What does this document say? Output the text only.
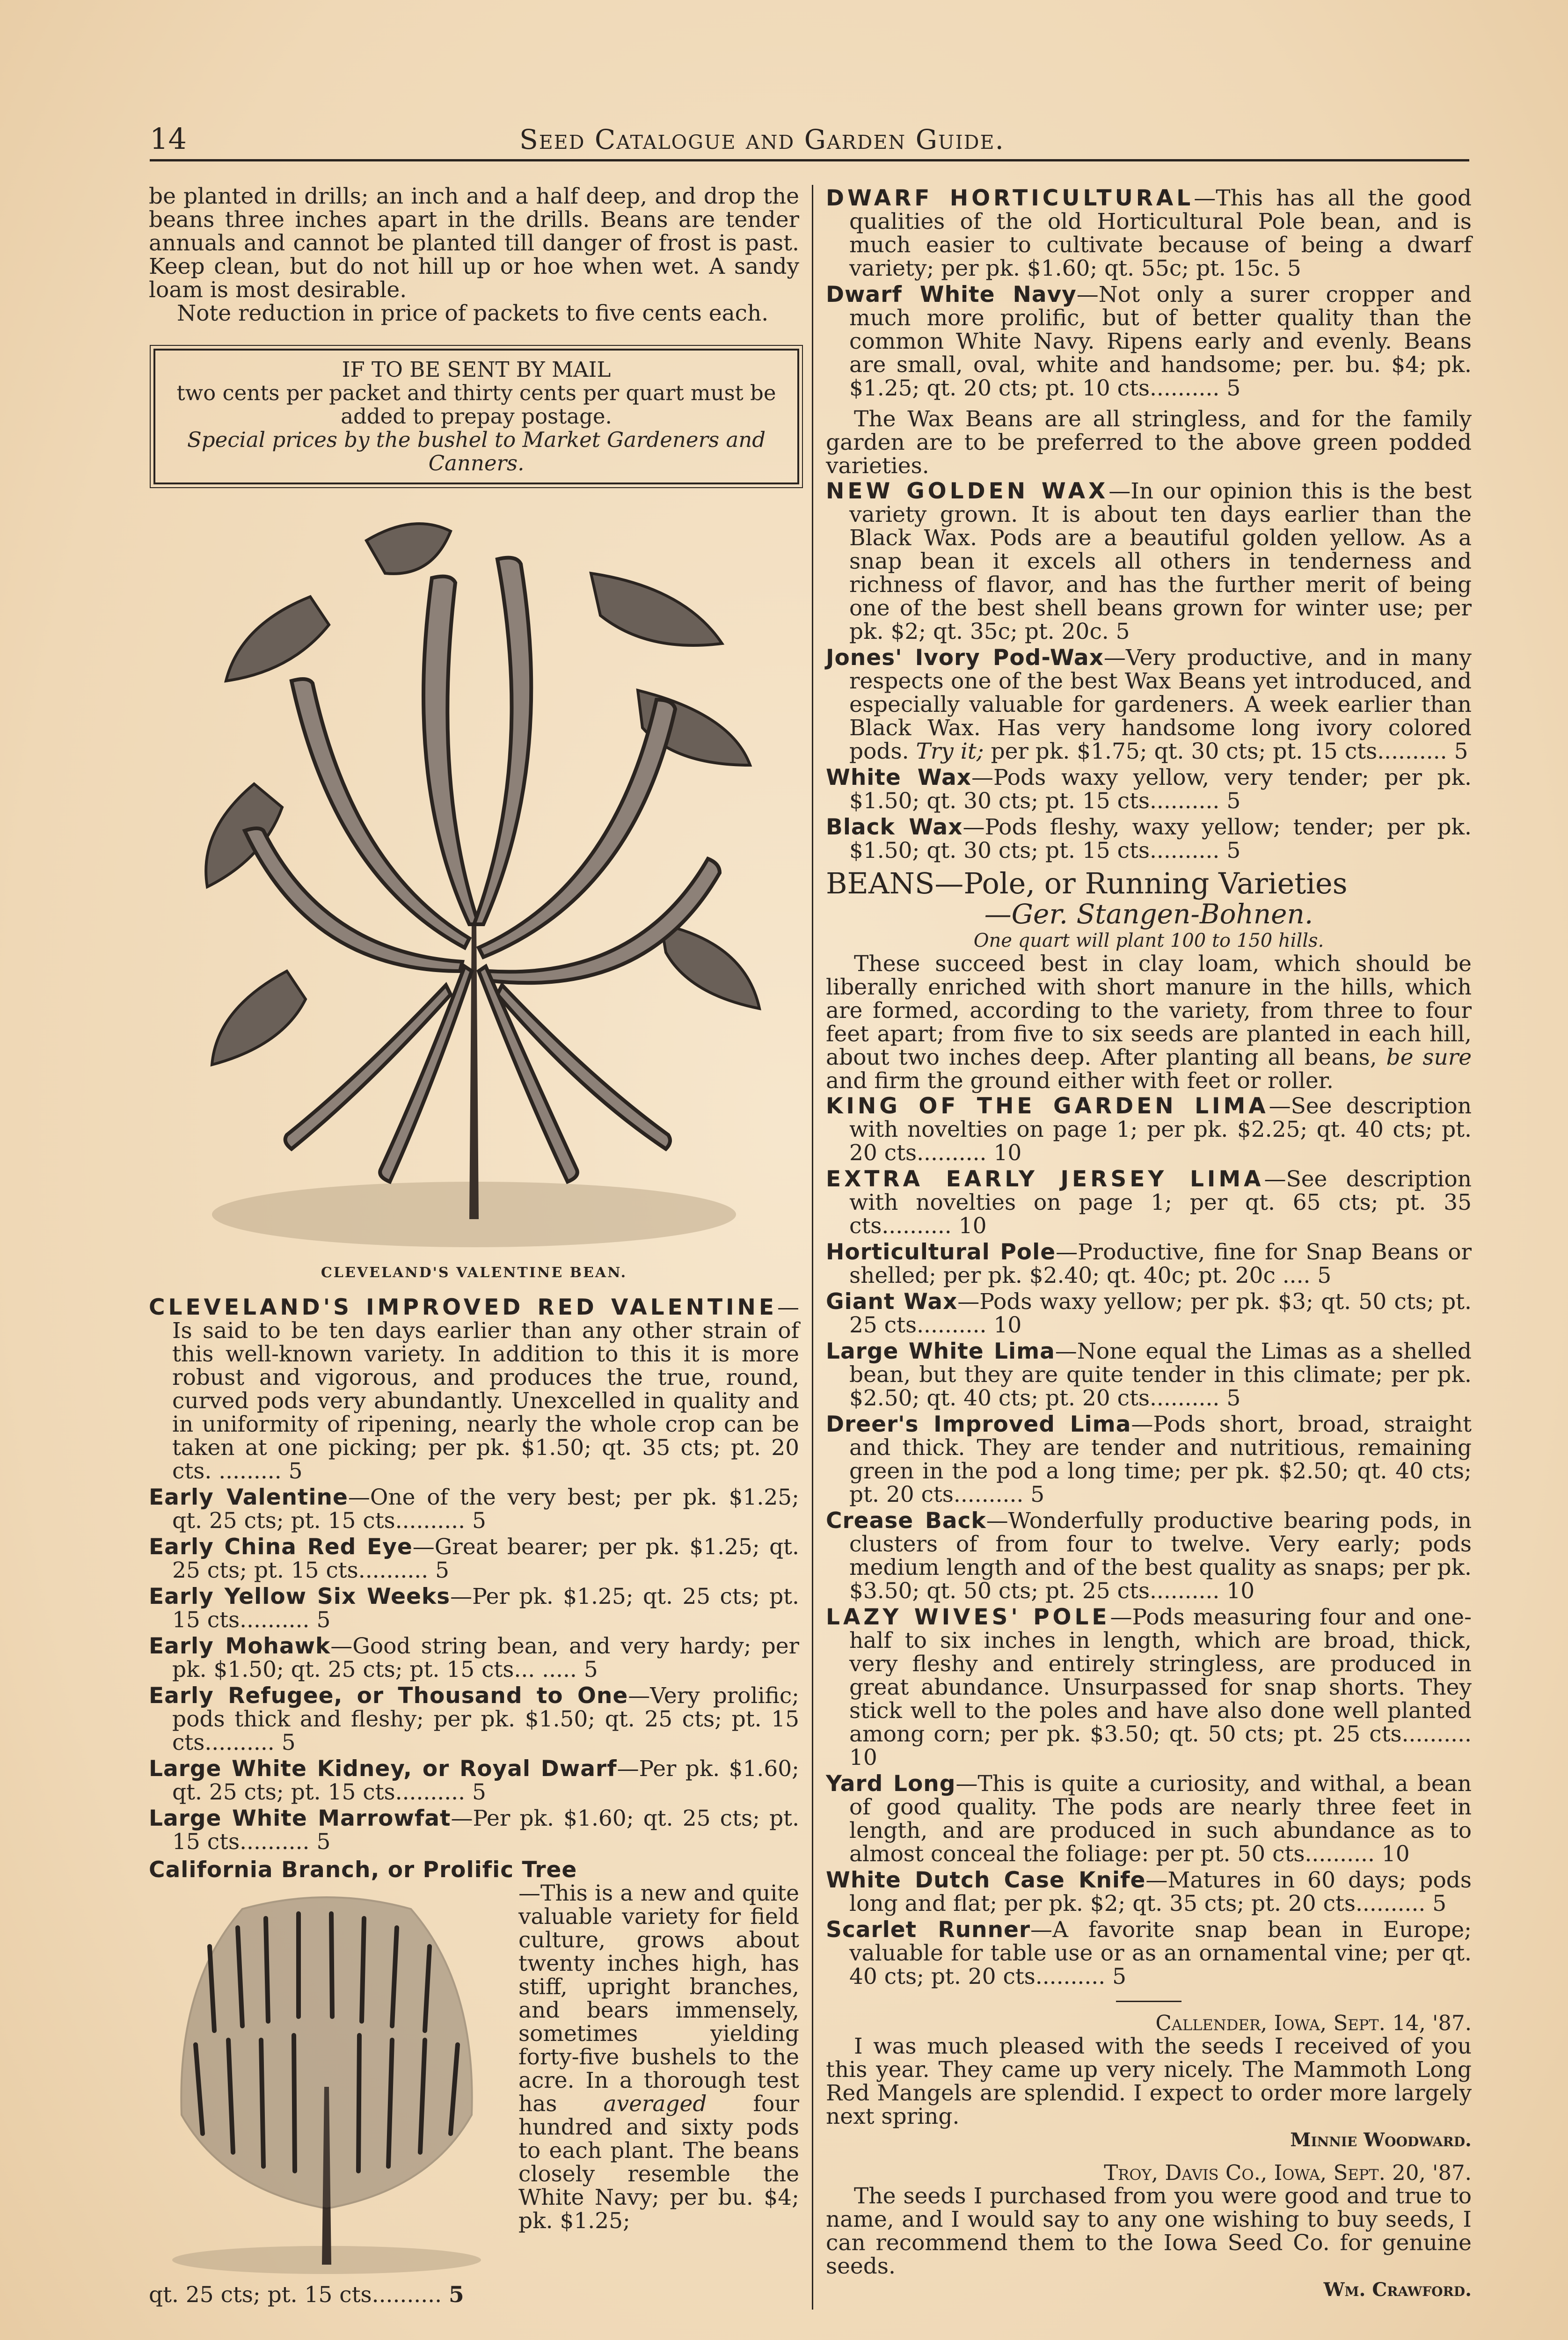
14	Seed Catalogue and Garden Guide.

be planted in drills; an inch and a half deep, and drop the beans three inches apart in the drills. Beans are tender annuals and cannot be planted till danger of frost is past. Keep clean, but do not hill up or hoe when wet. A sandy loam is most desirable.

Note reduction in price of packets to five cents each.

IF TO BE SENT BY MAIL
two cents per packet and thirty cents per quart must be added to prepay postage.
Special prices by the bushel to Market Gardeners and Canners.
CLEVELAND'S VALENTINE BEAN.

CLEVELAND'S IMPROVED RED VALENTINE—Is said to be ten days earlier than any other strain of this well-known variety. In addition to this it is more robust and vigorous, and produces the true, round, curved pods very abundantly. Unexcelled in quality and in uniformity of ripening, nearly the whole crop can be taken at one picking; per pk. $1.50; qt. 35 cts; pt. 20 cts. ......... 5

Early Valentine—One of the very best; per pk. $1.25; qt. 25 cts; pt. 15 cts.......... 5

Early China Red Eye—Great bearer; per pk. $1.25; qt. 25 cts; pt. 15 cts.......... 5

Early Yellow Six Weeks—Per pk. $1.25; qt. 25 cts; pt. 15 cts.......... 5

Early Mohawk—Good string bean, and very hardy; per pk. $1.50; qt. 25 cts; pt. 15 cts... ..... 5

Early Refugee, or Thousand to One—Very prolific; pods thick and fleshy; per pk. $1.50; qt. 25 cts; pt. 15 cts.......... 5

Large White Kidney, or Royal Dwarf—Per pk. $1.60; qt. 25 cts; pt. 15 cts.......... 5

Large White Marrowfat—Per pk. $1.60; qt. 25 cts; pt. 15 cts.......... 5

California Branch, or Prolific Tree

—This is a new and quite valuable variety for field culture, grows about twenty inches high, has stiff, upright branches, and bears immensely, sometimes yielding forty-five bushels to the acre. In a thorough test has averaged four hundred and sixty pods to each plant. The beans closely resemble the White Navy; per bu. $4; pk. $1.25;

qt. 25 cts; pt. 15 cts.......... 5

DWARF HORTICULTURAL—This has all the good qualities of the old Horticultural Pole bean, and is much easier to cultivate because of being a dwarf variety; per pk. $1.60; qt. 55c; pt. 15c. 5

Dwarf White Navy—Not only a surer cropper and much more prolific, but of better quality than the common White Navy. Ripens early and evenly. Beans are small, oval, white and handsome; per. bu. $4; pk. $1.25; qt. 20 cts; pt. 10 cts.......... 5

The Wax Beans are all stringless, and for the family garden are to be preferred to the above green podded varieties.

NEW GOLDEN WAX—In our opinion this is the best variety grown. It is about ten days earlier than the Black Wax. Pods are a beautiful golden yellow. As a snap bean it excels all others in tenderness and richness of flavor, and has the further merit of being one of the best shell beans grown for winter use; per pk. $2; qt. 35c; pt. 20c. 5

Jones' Ivory Pod-Wax—Very productive, and in many respects one of the best Wax Beans yet introduced, and especially valuable for gardeners. A week earlier than Black Wax. Has very handsome long ivory colored pods. Try it; per pk. $1.75; qt. 30 cts; pt. 15 cts.......... 5

White Wax—Pods waxy yellow, very tender; per pk. $1.50; qt. 30 cts; pt. 15 cts.......... 5

Black Wax—Pods fleshy, waxy yellow; tender; per pk. $1.50; qt. 30 cts; pt. 15 cts.......... 5

BEANS—Pole, or Running Varieties

—Ger. Stangen-Bohnen.

One quart will plant 100 to 150 hills.

These succeed best in clay loam, which should be liberally enriched with short manure in the hills, which are formed, according to the variety, from three to four feet apart; from five to six seeds are planted in each hill, about two inches deep. After planting all beans, be sure and firm the ground either with feet or roller.

KING OF THE GARDEN LIMA—See description with novelties on page 1; per pk. $2.25; qt. 40 cts; pt. 20 cts.......... 10

EXTRA EARLY JERSEY LIMA—See description with novelties on page 1; per qt. 65 cts; pt. 35 cts.......... 10

Horticultural Pole—Productive, fine for Snap Beans or shelled; per pk. $2.40; qt. 40c; pt. 20c .... 5

Giant Wax—Pods waxy yellow; per pk. $3; qt. 50 cts; pt. 25 cts.......... 10

Large White Lima—None equal the Limas as a shelled bean, but they are quite tender in this climate; per pk. $2.50; qt. 40 cts; pt. 20 cts.......... 5

Dreer's Improved Lima—Pods short, broad, straight and thick. They are tender and nutritious, remaining green in the pod a long time; per pk. $2.50; qt. 40 cts; pt. 20 cts.......... 5

Crease Back—Wonderfully productive bearing pods, in clusters of from four to twelve. Very early; pods medium length and of the best quality as snaps; per pk. $3.50; qt. 50 cts; pt. 25 cts.......... 10

LAZY WIVES' POLE—Pods measuring four and one-half to six inches in length, which are broad, thick, very fleshy and entirely stringless, are produced in great abundance. Unsurpassed for snap shorts. They stick well to the poles and have also done well planted among corn; per pk. $3.50; qt. 50 cts; pt. 25 cts.......... 10

Yard Long—This is quite a curiosity, and withal, a bean of good quality. The pods are nearly three feet in length, and are produced in such abundance as to almost conceal the foliage: per pt. 50 cts.......... 10

White Dutch Case Knife—Matures in 60 days; pods long and flat; per pk. $2; qt. 35 cts; pt. 20 cts.......... 5

Scarlet Runner—A favorite snap bean in Europe; valuable for table use or as an ornamental vine; per qt. 40 cts; pt. 20 cts.......... 5

Callender, Iowa, Sept. 14, '87.

I was much pleased with the seeds I received of you this year. They came up very nicely. The Mammoth Long Red Mangels are splendid. I expect to order more largely next spring.

Minnie Woodward.

Troy, Davis Co., Iowa, Sept. 20, '87.

The seeds I purchased from you were good and true to name, and I would say to any one wishing to buy seeds, I can recommend them to the Iowa Seed Co. for genuine seeds.

Wm. Crawford.
